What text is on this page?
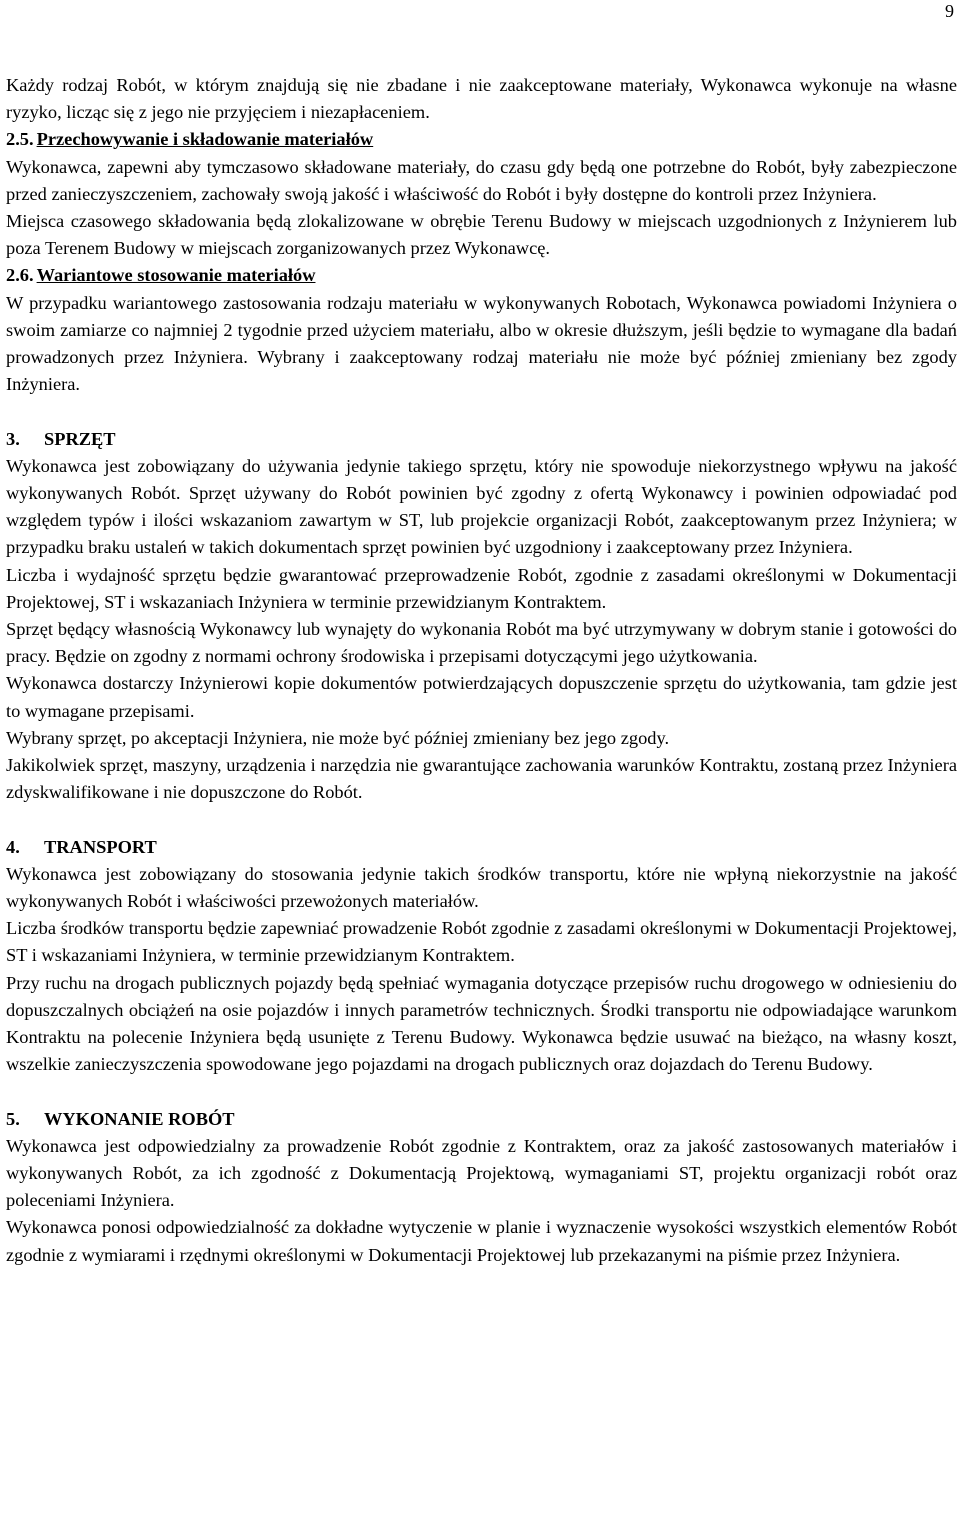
9

Każdy rodzaj Robót, w którym znajdują się nie zbadane i nie zaakceptowane materiały, Wykonawca wykonuje na własne ryzyko, licząc się z jego nie przyjęciem i niezapłaceniem.

2.5. Przechowywanie i składowanie materiałów

Wykonawca, zapewni aby tymczasowo składowane materiały, do czasu gdy będą one potrzebne do Robót, były zabezpieczone przed zanieczyszczeniem, zachowały swoją jakość i właściwość do Robót i były dostępne do kontroli przez Inżyniera.

Miejsca czasowego składowania będą zlokalizowane w obrębie Terenu Budowy w miejscach uzgodnionych z Inżynierem lub poza Terenem Budowy w miejscach zorganizowanych przez Wykonawcę.

2.6. Wariantowe stosowanie materiałów

W przypadku wariantowego zastosowania rodzaju materiału w wykonywanych Robotach, Wykonawca powiadomi Inżyniera o swoim zamiarze co najmniej 2 tygodnie przed użyciem materiału, albo w okresie dłuższym, jeśli będzie to wymagane dla badań prowadzonych przez Inżyniera. Wybrany i zaakceptowany rodzaj materiału nie może być później zmieniany bez zgody Inżyniera.

3. SPRZĘT

Wykonawca jest zobowiązany do używania jedynie takiego sprzętu, który nie spowoduje niekorzystnego wpływu na jakość wykonywanych Robót. Sprzęt używany do Robót powinien być zgodny z ofertą Wykonawcy i powinien odpowiadać pod względem typów i ilości wskazaniom zawartym w ST, lub projekcie organizacji Robót, zaakceptowanym przez Inżyniera; w przypadku braku ustaleń w takich dokumentach sprzęt powinien być uzgodniony i zaakceptowany przez Inżyniera.

Liczba i wydajność sprzętu będzie gwarantować przeprowadzenie Robót, zgodnie z zasadami określonymi w Dokumentacji Projektowej, ST i wskazaniach Inżyniera w terminie przewidzianym Kontraktem.

Sprzęt będący własnością Wykonawcy lub wynajęty do wykonania Robót ma być utrzymywany w dobrym stanie i gotowości do pracy. Będzie on zgodny z normami ochrony środowiska i przepisami dotyczącymi jego użytkowania.

Wykonawca dostarczy Inżynierowi kopie dokumentów potwierdzających dopuszczenie sprzętu do użytkowania, tam gdzie jest to wymagane przepisami.

Wybrany sprzęt, po akceptacji Inżyniera, nie może być później zmieniany bez jego zgody.

Jakikolwiek sprzęt, maszyny, urządzenia i narzędzia nie gwarantujące zachowania warunków Kontraktu, zostaną przez Inżyniera zdyskwalifikowane i nie dopuszczone do Robót.

4. TRANSPORT

Wykonawca jest zobowiązany do stosowania jedynie takich środków transportu, które nie wpłyną niekorzystnie na jakość wykonywanych Robót i właściwości przewożonych materiałów.

Liczba środków transportu będzie zapewniać prowadzenie Robót zgodnie z zasadami określonymi w Dokumentacji Projektowej, ST i wskazaniami Inżyniera, w terminie przewidzianym Kontraktem.

Przy ruchu na drogach publicznych pojazdy będą spełniać wymagania dotyczące przepisów ruchu drogowego w odniesieniu do dopuszczalnych obciążeń na osie pojazdów i innych parametrów technicznych. Środki transportu nie odpowiadające warunkom Kontraktu na polecenie Inżyniera będą usunięte z Terenu Budowy. Wykonawca będzie usuwać na bieżąco, na własny koszt, wszelkie zanieczyszczenia spowodowane jego pojazdami na drogach publicznych oraz dojazdach do Terenu Budowy.

5. WYKONANIE ROBÓT

Wykonawca jest odpowiedzialny za prowadzenie Robót zgodnie z Kontraktem, oraz za jakość zastosowanych materiałów i wykonywanych Robót, za ich zgodność z Dokumentacją Projektową, wymaganiami ST, projektu organizacji robót oraz poleceniami Inżyniera.

Wykonawca ponosi odpowiedzialność za dokładne wytyczenie w planie i wyznaczenie wysokości wszystkich elementów Robót zgodnie z wymiarami i rzędnymi określonymi w Dokumentacji Projektowej lub przekazanymi na piśmie przez Inżyniera.
